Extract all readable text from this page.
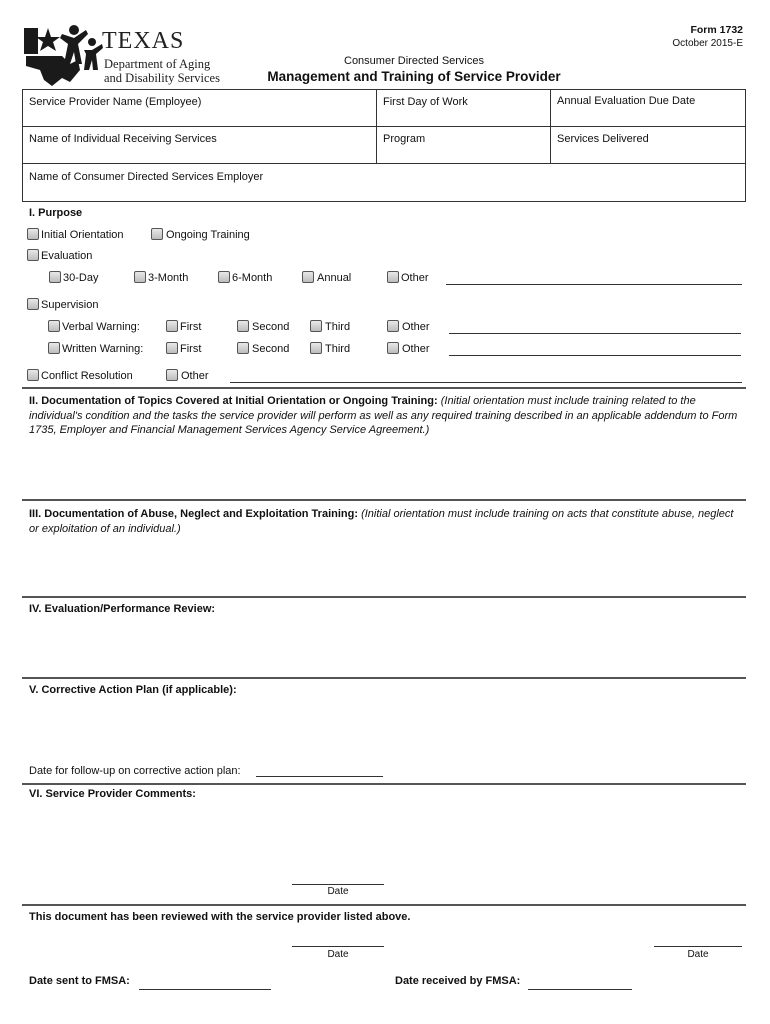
TEXAS
Department of Aging
and Disability Services
Form 1732
October 2015-E
Consumer Directed Services
Management and Training of Service Provider
Service Provider Name (Employee)	First Day of Work	Annual Evaluation Due Date
Name of Individual Receiving Services	Program	Services Delivered
Name of Consumer Directed Services Employer
I. Purpose
Initial Orientation	Ongoing Training
Evaluation
30-Day	3-Month	6-Month	Annual	Other
Supervision
Verbal Warning:	First	Second	Third	Other
Written Warning:	First	Second	Third	Other
Conflict Resolution	Other
II. Documentation of Topics Covered at Initial Orientation or Ongoing Training: (Initial orientation must include training related to the individual's condition and the tasks the service provider will perform as well as any required training described in an applicable addendum to Form 1735, Employer and Financial Management Services Agency Service Agreement.)
III. Documentation of Abuse, Neglect and Exploitation Training: (Initial orientation must include training on acts that constitute abuse, neglect or exploitation of an individual.)
IV. Evaluation/Performance Review:
V. Corrective Action Plan (if applicable):
Date for follow-up on corrective action plan:
VI. Service Provider Comments:
Date
This document has been reviewed with the service provider listed above.
Date	Date
Date sent to FMSA:	Date received by FMSA:
